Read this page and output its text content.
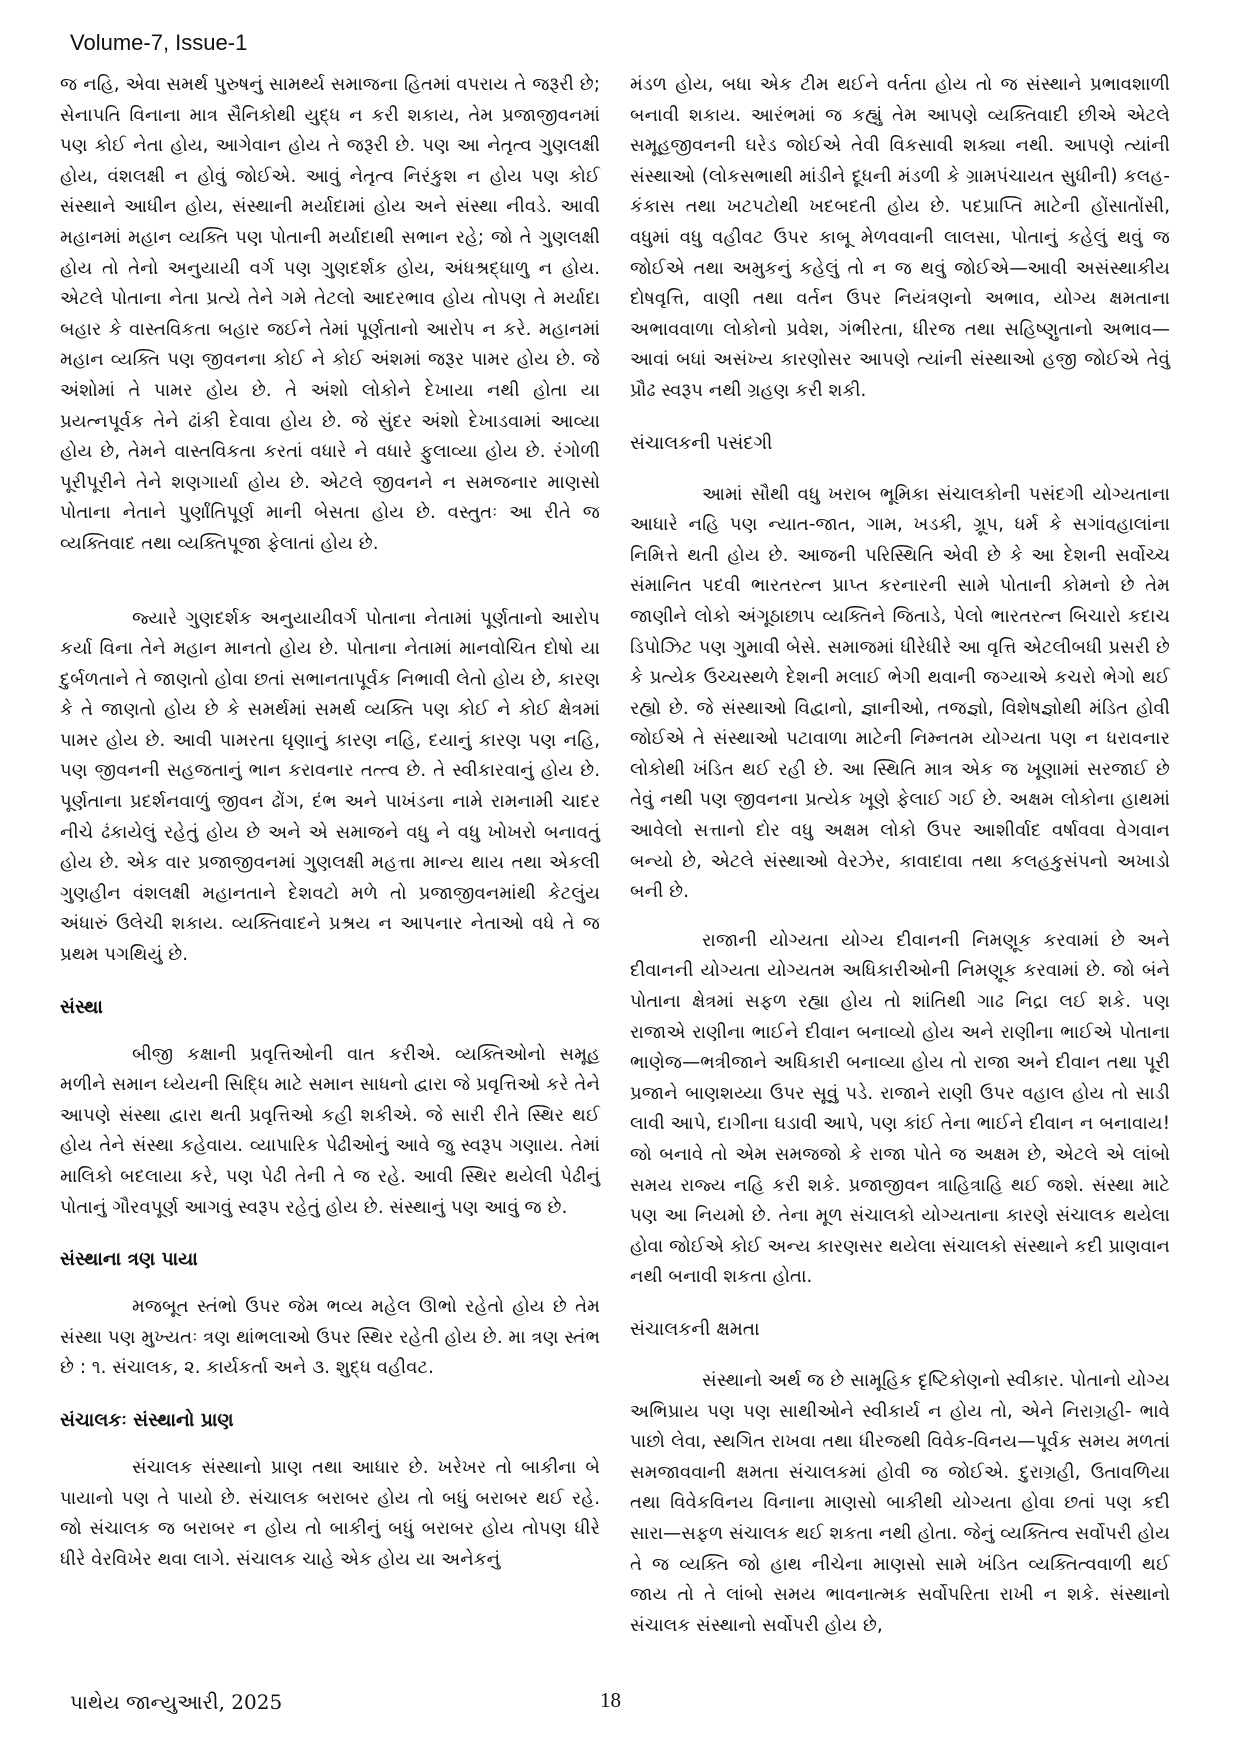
Volume-7, Issue-1

જ નહિ, એવા સમર્થ પુરુષનું સામર્થ્ય સમાજના હિતમાં વપરાય તે જરૂરી છે; સેનાપતિ વિનાના માત્ર સૈનિકોથી યુદ્ધ ન કરી શકાય, તેમ પ્રજાજીવનમાં પણ કોઈ નેતા હોય, આગેવાન હોય તે જરૂરી છે. પણ આ નેતૃત્વ ગુણલક્ષી હોય, વંશલક્ષી ન હોવું જોઈએ. આવું નેતૃત્વ નિરંકુશ ન હોય પણ કોઈ સંસ્થાને આધીન હોય, સંસ્થાની મર્યાદામાં હોય અને સંસ્થા નીવડે. આવી મહાનમાં મહાન વ્યક્તિ પણ પોતાની મર્યાદાથી સભાન રહે; જો તે ગુણલક્ષી હોય તો તેનો અનુયાયી વર્ગ પણ ગુણદર્શક હોય, અંધશ્રદ્ધાળુ ન હોય. એટલે પોતાના નેતા પ્રત્યે તેને ગમે તેટલો આદરભાવ હોય તોપણ તે મર્યાદા બહાર કે વાસ્તવિકતા બહાર જઈને તેમાં પૂર્ણતાનો આરોપ ન કરે. મહાનમાં મહાન વ્યક્તિ પણ જીવનના કોઈ ને કોઈ અંશમાં જરૂર પામર હોય છે. જે અંશોમાં તે પામર હોય છે. તે અંશો લોકોને દેખાયા નથી હોતા યા પ્રયત્નપૂર્વક તેને ઢાંકી દેવાવા હોય છે. જે સુંદર અંશો દેખાડવામાં આવ્યા હોય છે, તેમને વાસ્તવિકતા કરતાં વધારે ને વધારે ફુલાવ્યા હોય છે. રંગોળી પૂરીપૂરીને તેને શણગાર્યા હોય છે. એટલે જીવનને ન સમજનાર માણસો પોતાના નેતાને પુર્ણાંતિપૂર્ણ માની બેસતા હોય છે. વસ્તુતઃ આ રીતે જ વ્યક્તિવાદ તથા વ્યક્તિપૂજા ફેલાતાં હોય છે.

જ્યારે ગુણદર્શક અનુયાયીવર્ગ પોતાના નેતામાં પૂર્ણતાનો આરોપ કર્યા વિના તેને મહાન માનતો હોય છે. પોતાના નેતામાં માનવોચિત દોષો યા દુર્બળતાને તે જાણતો હોવા છતાં સભાનતાપૂર્વક નિભાવી લેતો હોય છે, કારણ કે તે જાણતો હોય છે કે સમર્થમાં સમર્થ વ્યક્તિ પણ કોઈ ને કોઈ ક્ષેત્રમાં પામર હોય છે. આવી પામરતા ઘૃણાનું કારણ નહિ, દયાનું કારણ પણ નહિ, પણ જીવનની સહજતાનું ભાન કરાવનાર તત્ત્વ છે. તે સ્વીકારવાનું હોય છે. પૂર્ણતાના પ્રદર્શનવાળું જીવન ઢોંગ, દંભ અને પાખંડના નામે રામનામી ચાદર નીચે ઢંકાયેલું રહેતું હોય છે અને એ સમાજને વધુ ને વધુ ખોખરો બનાવતું હોય છે. એક વાર પ્રજાજીવનમાં ગુણલક્ષી મહત્તા માન્ય થાય તથા એકલી ગુણહીન વંશલક્ષી મહાનતાને દેશવટો મળે તો પ્રજાજીવનમાંથી કેટલુંય અંધારું ઉલેચી શકાય. વ્યક્તિવાદને પ્રશ્રય ન આપનાર નેતાઓ વધે તે જ પ્રથમ પગથિયું છે.

સંસ્થા

બીજી કક્ષાની પ્રવૃત્તિઓની વાત કરીએ. વ્યક્તિઓનો સમૂહ મળીને સમાન ધ્યેયની સિદ્ધિ માટે સમાન સાધનો દ્વારા જે પ્રવૃત્તિઓ કરે તેને આપણે સંસ્થા દ્વારા થતી પ્રવૃત્તિઓ કહી શકીએ. જે સારી રીતે સ્થિર થઈ હોય તેને સંસ્થા કહેવાય. વ્યાપારિક પેઢીઓનું આવે જુ સ્વરૂપ ગણાય. તેમાં માલિકો બદલાયા કરે, પણ પેઢી તેની તે જ રહે. આવી સ્થિર થયેલી પેઢીનું પોતાનું ગૌરવપૂર્ણ આગવું સ્વરૂપ રહેતું હોય છે. સંસ્થાનું પણ આવું જ છે.

સંસ્થાના ત્રણ પાયા

મજબૂત સ્તંભો ઉપર જેમ ભવ્ય મહેલ ઊભો રહેતો હોય છે તેમ સંસ્થા પણ મુખ્યતઃ ત્રણ થાંભલાઓ ઉપર સ્થિર રહેતી હોય છે. મા ત્રણ સ્તંભ છે : ૧. સંચાલક, ૨. કાર્યકર્તા અને ૩. શુદ્ધ વહીવટ.

સંચાલકઃ સંસ્થાનો પ્રાણ

સંચાલક સંસ્થાનો પ્રાણ તથા આધાર છે. ખરેખર તો બાકીના બે પાયાનો પણ તે પાયો છે. સંચાલક બરાબર હોય તો બધું બરાબર થઈ રહે. જો સંચાલક જ બરાબર ન હોય તો બાકીનું બધું બરાબર હોય તોપણ ધીરે ધીરે વેરવિખેર થવા લાગે. સંચાલક ચાહે એક હોય યા અનેકનું

મંડળ હોય, બધા એક ટીમ થઈને વર્તતા હોય તો જ સંસ્થાને પ્રભાવશાળી બનાવી શકાય. આરંભમાં જ કહ્યું તેમ આપણે વ્યક્તિવાદી છીએ એટલે સમૂહજીવનની ઘરેડ જોઈએ તેવી વિકસાવી શક્યા નથી. આપણે ત્યાંની સંસ્થાઓ (લોકસભાથી માંડીને દૂધની મંડળી કે ગ્રામપંચાયત સુધીની) કલહ-કંકાસ તથા ખટપટોથી ખદબદતી હોય છે. પદપ્રાપ્તિ માટેની હોંસાતોંસી, વધુમાં વધુ વહીવટ ઉપર કાબૂ મેળવવાની લાલસા, પોતાનું કહેલું થવું જ જોઈએ તથા અમુકનું કહેલું તો ન જ થવું જોઈએ—આવી અસંસ્થાકીય દોષવૃત્તિ, વાણી તથા વર્તન ઉપર નિયંત્રણનો અભાવ, યોગ્ય ક્ષમતાના અભાવવાળા લોકોનો પ્રવેશ, ગંભીરતા, ધીરજ તથા સહિષ્ણુતાનો અભાવ—આવાં બધાં અસંખ્ય કારણોસર આપણે ત્યાંની સંસ્થાઓ હજી જોઈએ તેવું પ્રૌઢ સ્વરૂપ નથી ગ્રહણ કરી શકી.

સંચાલકની પસંદગી

આમાં સૌથી વધુ ખરાબ ભૂમિકા સંચાલકોની પસંદગી યોગ્યતાના આધારે નહિ પણ ન્યાત-જાત, ગામ, ખડકી, ગ્રૂપ, ધર્મ કે સગાંવહાલાંના નિમિત્તે થતી હોય છે. આજની પરિસ્થિતિ એવી છે કે આ દેશની સર્વોચ્ચ સંમાનિત પદવી ભારતરત્ન પ્રાપ્ત કરનારની સામે પોતાની કોમનો છે તેમ જાણીને લોકો અંગૂઠાછાપ વ્યક્તિને જિતાડે, પેલો ભારતરત્ન બિચારો કદાચ ડિપોઝિટ પણ ગુમાવી બેસે. સમાજમાં ધીરેધીરે આ વૃત્તિ એટલીબધી પ્રસરી છે કે પ્રત્યેક ઉચ્ચસ્થળે દેશની મલાઈ ભેગી થવાની જગ્યાએ કચરો ભેગો થઈ રહ્યો છે. જે સંસ્થાઓ વિદ્વાનો, જ્ઞાનીઓ, તજજ્ઞો, વિશેષજ્ઞોથી મંડિત હોવી જોઈએ તે સંસ્થાઓ પટાવાળા માટેની નિમ્નતમ યોગ્યતા પણ ન ધરાવનાર લોકોથી ખંડિત થઈ રહી છે. આ સ્થિતિ માત્ર એક જ ખૂણામાં સરજાઈ છે તેવું નથી પણ જીવનના પ્રત્યેક ખૂણે ફેલાઈ ગઈ છે. અક્ષમ લોકોના હાથમાં આવેલો સત્તાનો દોર વધુ અક્ષમ લોકો ઉપર આશીર્વાદ વર્ષાવવા વેગવાન બન્યો છે, એટલે સંસ્થાઓ વેરઝેર, કાવાદાવા તથા કલહકુસંપનો અખાડો બની છે.

રાજાની યોગ્યતા યોગ્ય દીવાનની નિમણૂક કરવામાં છે અને દીવાનની યોગ્યતા યોગ્યતમ અધિકારીઓની નિમણૂક કરવામાં છે. જો બંને પોતાના ક્ષેત્રમાં સફળ રહ્યા હોય તો શાંતિથી ગાઢ નિદ્રા લઈ શકે. પણ રાજાએ રાણીના ભાઈને દીવાન બનાવ્યો હોય અને રાણીના ભાઈએ પોતાના ભાણેજ—ભત્રીજાને અધિકારી બનાવ્યા હોય તો રાજા અને દીવાન તથા પૂરી પ્રજાને બાણશય્યા ઉપર સૂવું પડે. રાજાને રાણી ઉપર વહાલ હોય તો સાડી લાવી આપે, દાગીના ઘડાવી આપે, પણ કાંઈ તેના ભાઈને દીવાન ન બનાવાય! જો બનાવે તો એમ સમજજો કે રાજા પોતે જ અક્ષમ છે, એટલે એ લાંબો સમય રાજ્ય નહિ કરી શકે. પ્રજાજીવન ત્રાહિત્રાહિ થઈ જશે. સંસ્થા માટે પણ આ નિયમો છે. તેના મૂળ સંચાલકો યોગ્યતાના કારણે સંચાલક થયેલા હોવા જોઈએ કોઈ અન્ય કારણસર થયેલા સંચાલકો સંસ્થાને કદી પ્રાણવાન નથી બનાવી શકતા હોતા.

સંચાલકની ક્ષમતા

સંસ્થાનો અર્થ જ છે સામૂહિક દૃષ્ટિકોણનો સ્વીકાર. પોતાનો યોગ્ય અભિપ્રાય પણ પણ સાથીઓને સ્વીકાર્ય ન હોય તો, એને નિરાગ્રહી- ભાવે પાછો લેવા, સ્થગિત રાખવા તથા ધીરજથી વિવેક-વિનય—પૂર્વક સમય મળતાં સમજાવવાની ક્ષમતા સંચાલકમાં હોવી જ જોઈએ. દુરાગ્રહી, ઉતાવળિયા તથા વિવેકવિનય વિનાના માણસો બાકીથી યોગ્યતા હોવા છતાં પણ કદી સારા—સફળ સંચાલક થઈ શકતા નથી હોતા. જેનું વ્યક્તિત્વ સર્વોપરી હોય તે જ વ્યક્તિ જો હાથ નીચેના માણસો સામે ખંડિત વ્યક્તિત્વવાળી થઈ જાય તો તે લાંબો સમય ભાવનાત્મક સર્વોપરિતા રાખી ન શકે. સંસ્થાનો સંચાલક સંસ્થાનો સર્વોપરી હોય છે,

પાથેય જાન્યુઆરી, 2025	18
